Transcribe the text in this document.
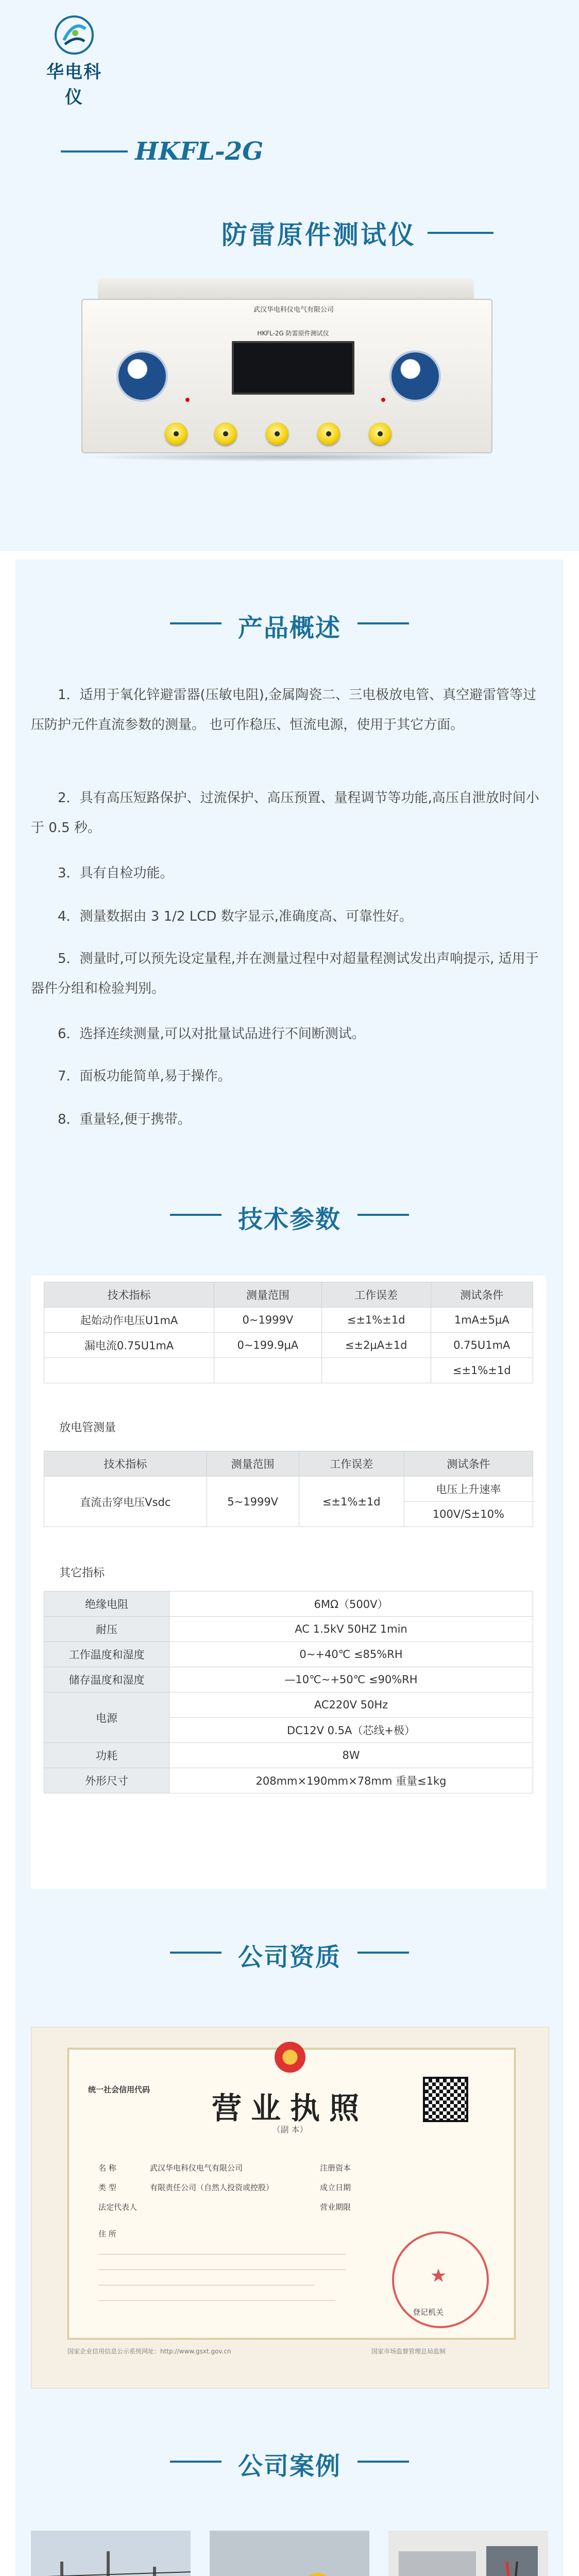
华电科仪
HKFL-2G
防雷原件测试仪
武汉华电科仪电气有限公司
HKFL-2G 防雷原件测试仪
产品概述

1．适用于氧化锌避雷器(压敏电阻),金属陶瓷二、三电极放电管、真空避雷管等过压防护元件直流参数的测量。 也可作稳压、恒流电源，使用于其它方面。

2．具有高压短路保护、过流保护、高压预置、量程调节等功能,高压自泄放时间小于 0.5 秒。

3．具有自检功能。

4．测量数据由 3 1/2 LCD 数字显示,准确度高、可靠性好。

5．测量时,可以预先设定量程,并在测量过程中对超量程测试发出声响提示, 适用于器件分组和检验判别。

6．选择连续测量,可以对批量试品进行不间断测试。

7．面板功能简单,易于操作。

8．重量轻,便于携带。

技术参数
技术指标	测量范围	工作误差	测试条件
起始动作电压U1mA	0~1999V	≤±1%±1d	1mA±5μA
漏电流0.75U1mA	0~199.9μA	≤±2μA±1d	0.75U1mA
			≤±1%±1d
放电管测量
技术指标	测量范围	工作误差	测试条件
直流击穿电压Vsdc	5~1999V	≤±1%±1d	电压上升速率
			100V/S±10%
其它指标
绝缘电阻	6MΩ（500V）
耐压	AC 1.5kV 50HZ 1min
工作温度和湿度	0~+40℃ ≤85%RH
储存温度和湿度	—10℃~+50℃ ≤90%RH
电源	AC220V 50Hz
	DC12V 0.5A（芯线+极）
功耗	8W
外形尺寸	208mm×190mm×78mm 重量≤1kg
公司资质
统一社会信用代码
营业执照
（副 本）
名 称	武汉华电科仪电气有限公司
类 型	有限责任公司（自然人投资或控股）
法定代表人
住 所
注册资本
成立日期
营业期限
★
登记机关
国家企业信用信息公示系统网址：http://www.gsxt.gov.cn	国家市场监督管理总局监制
公司案例
